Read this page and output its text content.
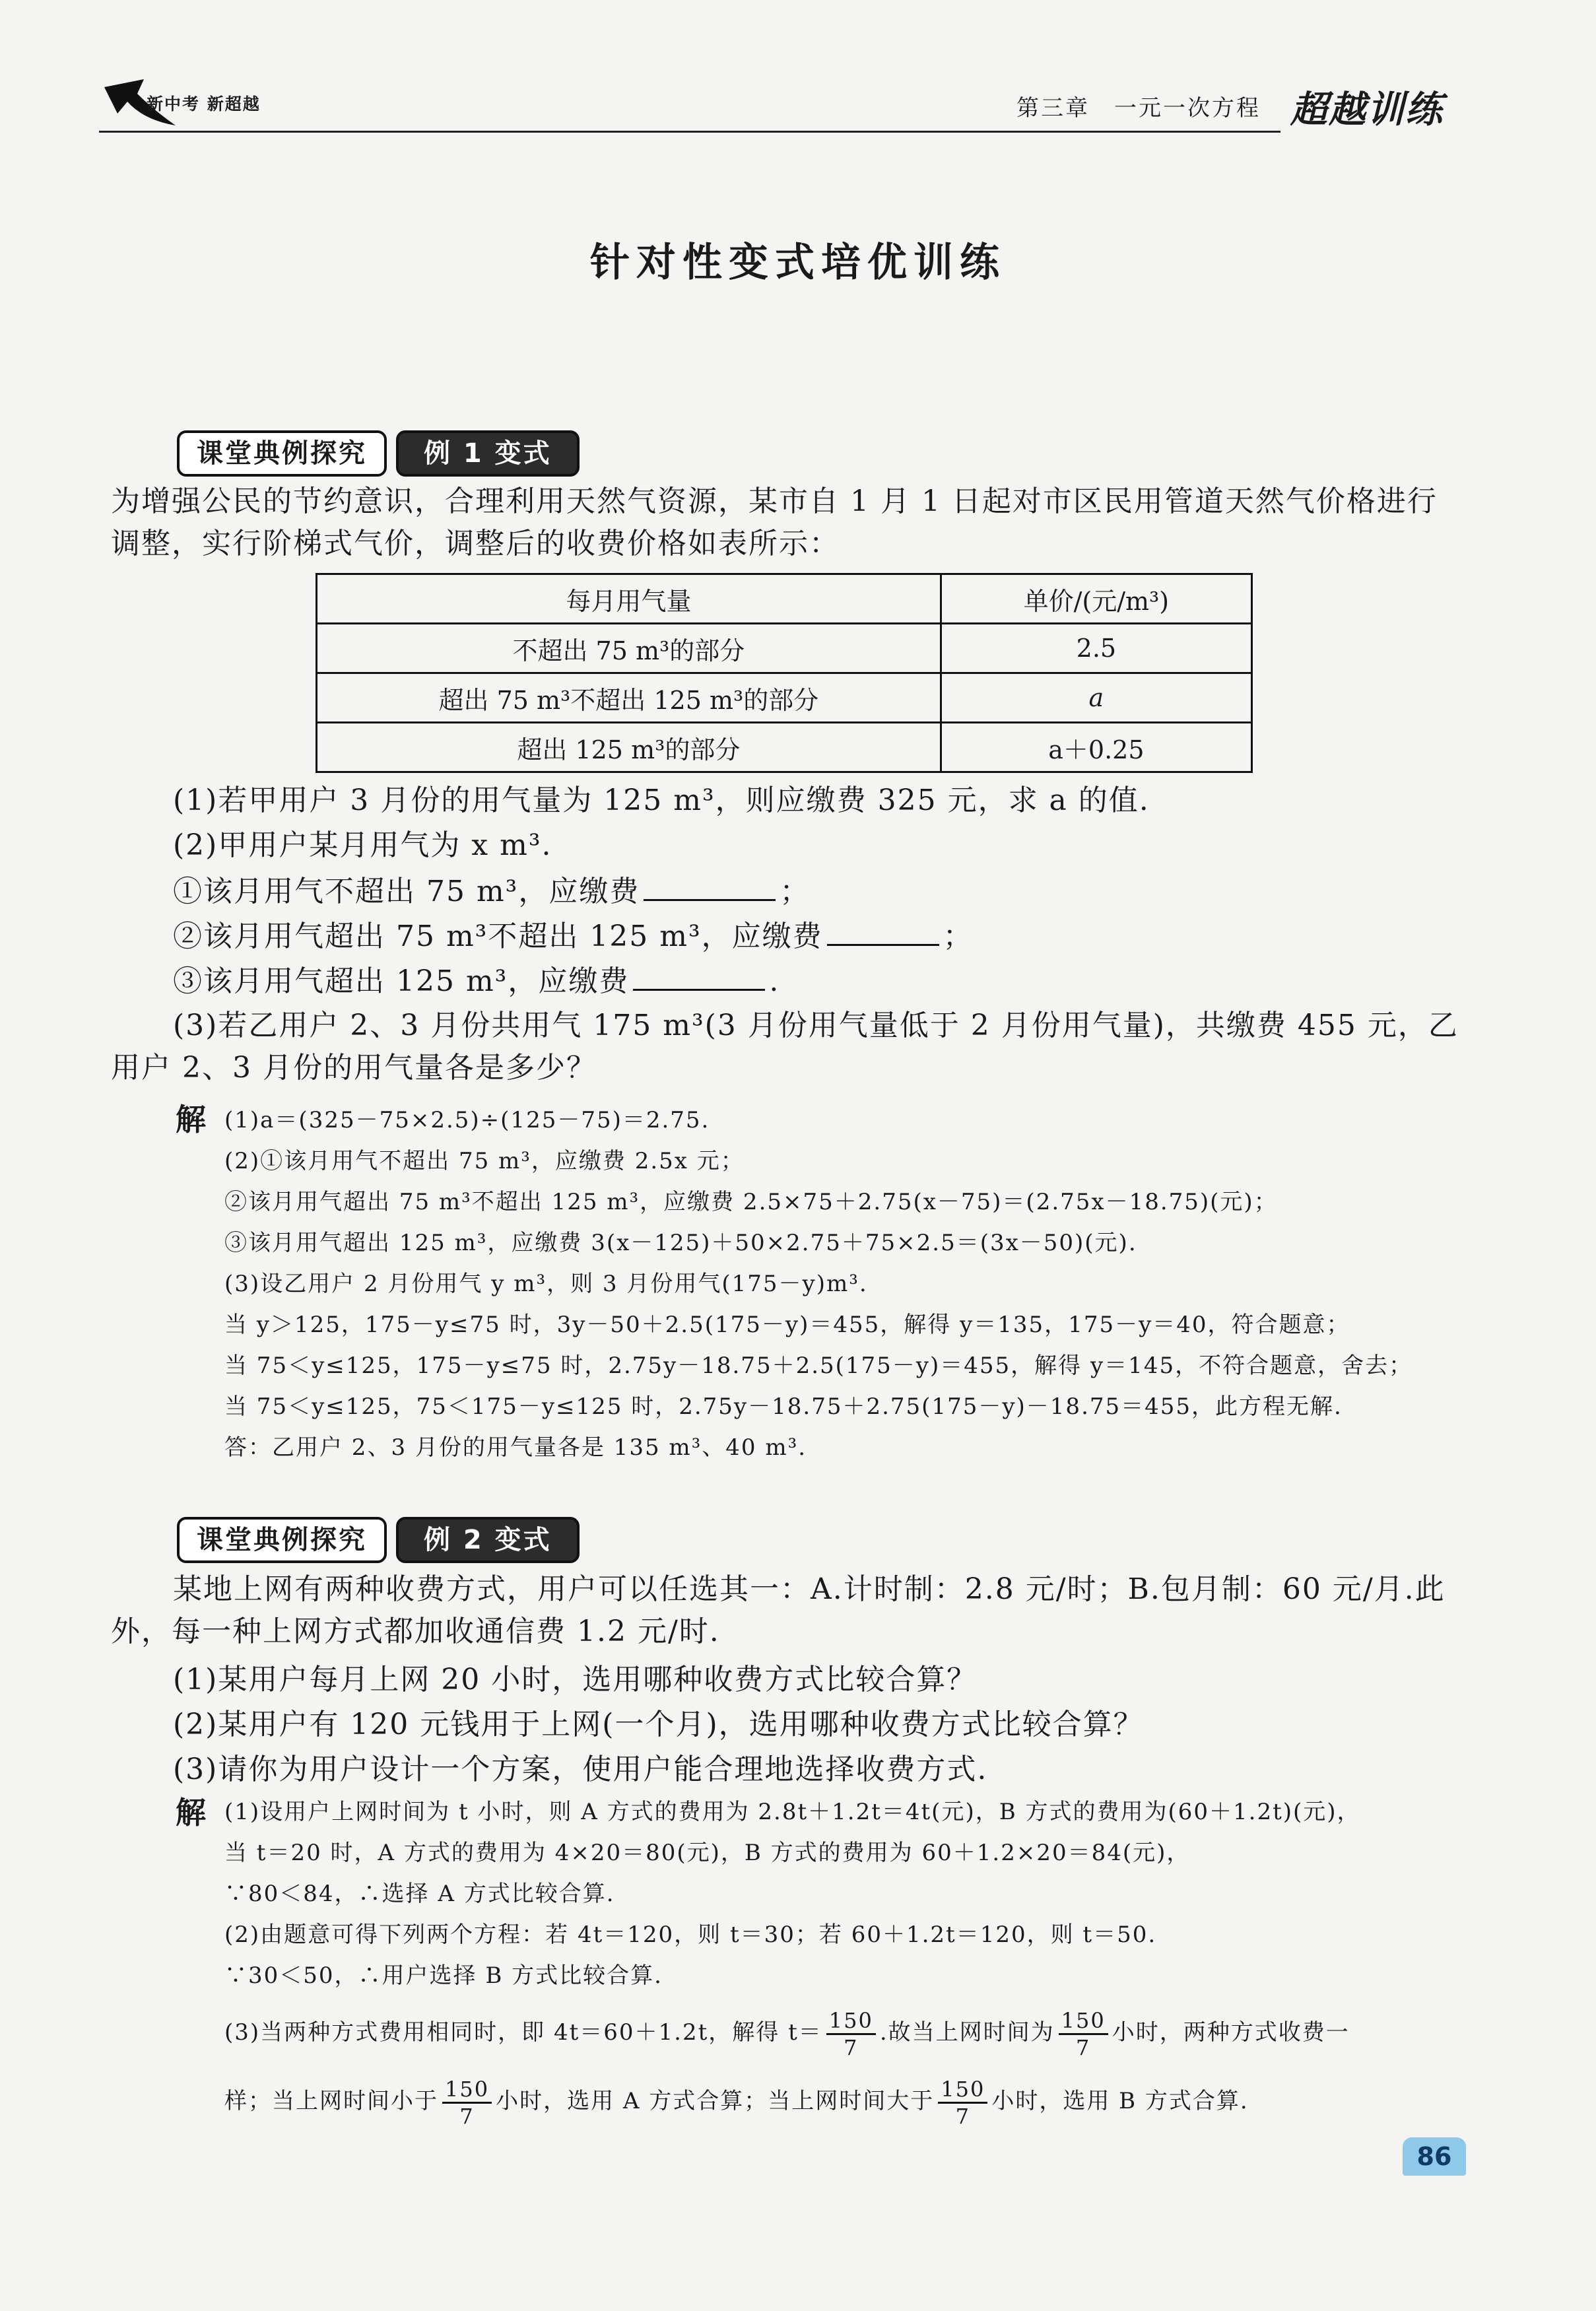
新中考 新超越	第三章　一元一次方程 超越训练
针对性变式培优训练
课堂典例探究	例 1 变式
为增强公民的节约意识，合理利用天然气资源，某市自 1 月 1 日起对市区民用管道天然气价格进行调整，实行阶梯式气价，调整后的收费价格如表所示：
每月用气量	单价/(元/m³)
不超出 75 m³的部分	2.5
超出 75 m³不超出 125 m³的部分	a
超出 125 m³的部分	a＋0.25
(1)若甲用户 3 月份的用气量为 125 m³，则应缴费 325 元，求 a 的值.
(2)甲用户某月用气为 x m³.
①该月用气不超出 75 m³，应缴费	；
②该月用气超出 75 m³不超出 125 m³，应缴费	；
③该月用气超出 125 m³，应缴费	.
(3)若乙用户 2、3 月份共用气 175 m³(3 月份用气量低于 2 月份用气量)，共缴费 455 元，乙用户 2、3 月份的用气量各是多少？
解 (1)a＝(325－75×2.5)÷(125－75)＝2.75.
(2)①该月用气不超出 75 m³，应缴费 2.5x 元；
②该月用气超出 75 m³不超出 125 m³，应缴费 2.5×75＋2.75(x－75)＝(2.75x－18.75)(元)；
③该月用气超出 125 m³，应缴费 3(x－125)＋50×2.75＋75×2.5＝(3x－50)(元).
(3)设乙用户 2 月份用气 y m³，则 3 月份用气(175－y)m³.
当 y＞125，175－y≤75 时，3y－50＋2.5(175－y)＝455，解得 y＝135，175－y＝40，符合题意；
当 75＜y≤125，175－y≤75 时，2.75y－18.75＋2.5(175－y)＝455，解得 y＝145，不符合题意，舍去；
当 75＜y≤125，75＜175－y≤125 时，2.75y－18.75＋2.75(175－y)－18.75＝455，此方程无解.
答：乙用户 2、3 月份的用气量各是 135 m³、40 m³.
课堂典例探究	例 2 变式
某地上网有两种收费方式，用户可以任选其一：A.计时制：2.8 元/时；B.包月制：60 元/月.此外，每一种上网方式都加收通信费 1.2 元/时.
(1)某用户每月上网 20 小时，选用哪种收费方式比较合算？
(2)某用户有 120 元钱用于上网(一个月)，选用哪种收费方式比较合算？
(3)请你为用户设计一个方案，使用户能合理地选择收费方式.
解 (1)设用户上网时间为 t 小时，则 A 方式的费用为 2.8t＋1.2t＝4t(元)，B 方式的费用为(60＋1.2t)(元)，
当 t＝20 时，A 方式的费用为 4×20＝80(元)，B 方式的费用为 60＋1.2×20＝84(元)，
∵80＜84，∴选择 A 方式比较合算.
(2)由题意可得下列两个方程：若 4t＝120，则 t＝30；若 60＋1.2t＝120，则 t＝50.
∵30＜50，∴用户选择 B 方式比较合算.
(3)当两种方式费用相同时，即 4t＝60＋1.2t，解得 $t= \frac{150}{7}$ .故当上网时间为 $\frac{150}{7}$ 小时，两种方式收费一
样；当上网时间小于 $\frac{150}{7}$ 小时，选用 A 方式合算；当上网时间大于 $\frac{150}{7}$ 小时，选用 B 方式合算.
86
